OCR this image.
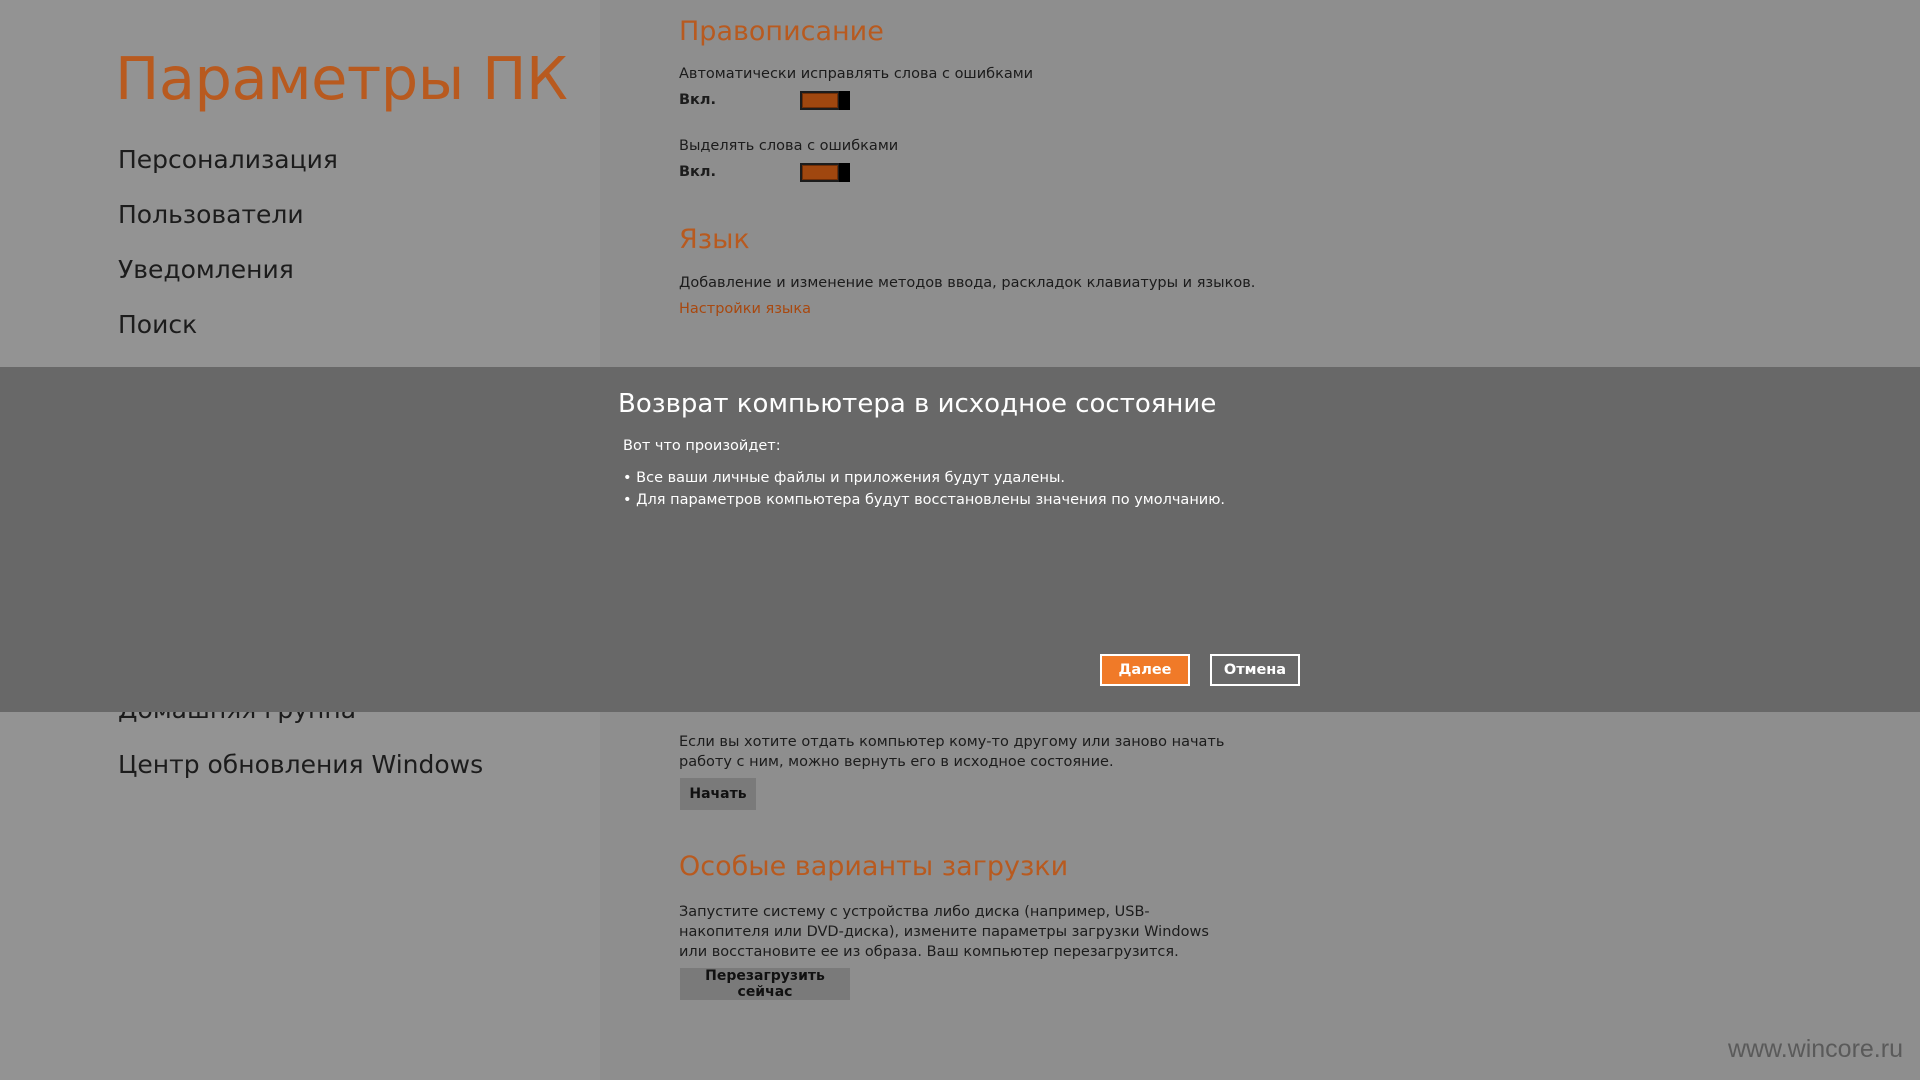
Параметры ПК
Персонализация
Пользователи
Уведомления
Поиск
Центр обновления Windows
Правописание
Автоматически исправлять слова с ошибками
Вкл.
Выделять слова с ошибками
Вкл.
Язык
Добавление и изменение методов ввода, раскладок клавиатуры и языков.
Настройки языка
Если вы хотите отдать компьютер кому-то другому или заново начать работу с ним, можно вернуть его в исходное состояние.
Начать
Особые варианты загрузки
Запустите систему с устройства либо диска (например, USB-накопителя или DVD-диска), измените параметры загрузки Windows или восстановите ее из образа. Ваш компьютер перезагрузится.
Перезагрузить сейчас
www.wincore.ru
Возврат компьютера в исходное состояние
Вот что произойдет:
• Все ваши личные файлы и приложения будут удалены.
• Для параметров компьютера будут восстановлены значения по умолчанию.
Далее	Отмена
